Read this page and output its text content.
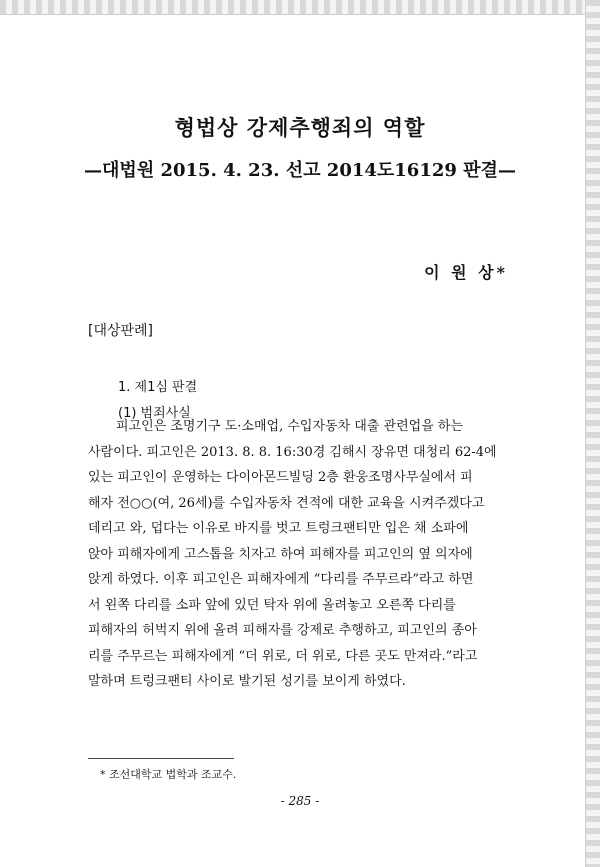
형법상 강제추행죄의 역할
—대법원 2015. 4. 23. 선고 2014도16129 판결—
이 원 상*
[대상판례]
1. 제1심 판결
(1) 범죄사실
피고인은 조명기구 도·소매업, 수입자동차 대출 관련업을 하는
사람이다. 피고인은 2013. 8. 8. 16:30경 김해시 장유면 대청리 62-4에
있는 피고인이 운영하는 다이아몬드빌딩 2층 환웅조명사무실에서 피
해자 전○○(여, 26세)를 수입자동차 견적에 대한 교육을 시켜주겠다고
데리고 와, 덥다는 이유로 바지를 벗고 트렁크팬티만 입은 채 소파에
앉아 피해자에게 고스톱을 치자고 하여 피해자를 피고인의 옆 의자에
앉게 하였다. 이후 피고인은 피해자에게 “다리를 주무르라”라고 하면
서 왼쪽 다리를 소파 앞에 있던 탁자 위에 올려놓고 오른쪽 다리를
피해자의 허벅지 위에 올려 피해자를 강제로 추행하고, 피고인의 종아
리를 주무르는 피해자에게 “더 위로, 더 위로, 다른 곳도 만져라.”라고
말하며 트렁크팬티 사이로 발기된 성기를 보이게 하였다.
* 조선대학교 법학과 조교수.
- 285 -
